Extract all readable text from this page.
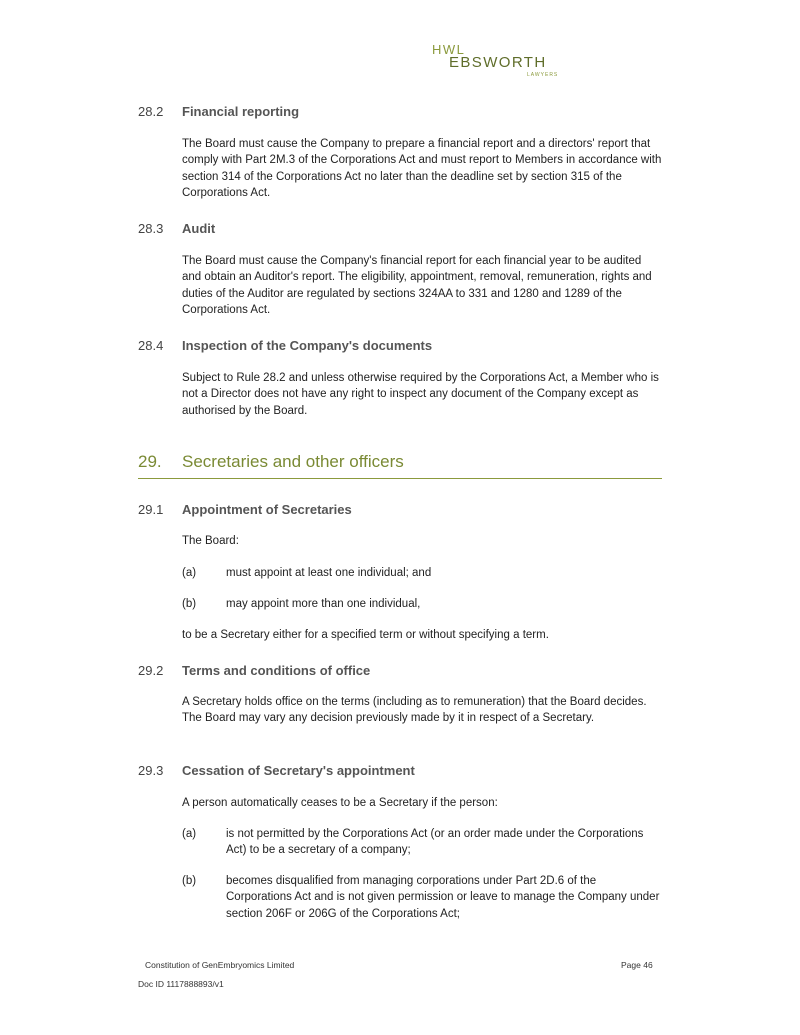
HWL
EBSWORTH
LAWYERS
28.2 Financial reporting
The Board must cause the Company to prepare a financial report and a directors' report that comply with Part 2M.3 of the Corporations Act and must report to Members in accordance with section 314 of the Corporations Act no later than the deadline set by section 315 of the Corporations Act.
28.3 Audit
The Board must cause the Company's financial report for each financial year to be audited and obtain an Auditor's report. The eligibility, appointment, removal, remuneration, rights and duties of the Auditor are regulated by sections 324AA to 331 and 1280 and 1289 of the Corporations Act.
28.4 Inspection of the Company's documents
Subject to Rule 28.2 and unless otherwise required by the Corporations Act, a Member who is not a Director does not have any right to inspect any document of the Company except as authorised by the Board.
29. Secretaries and other officers
29.1 Appointment of Secretaries
The Board:
(a)	must appoint at least one individual; and
(b)	may appoint more than one individual,
to be a Secretary either for a specified term or without specifying a term.
29.2 Terms and conditions of office
A Secretary holds office on the terms (including as to remuneration) that the Board decides. The Board may vary any decision previously made by it in respect of a Secretary.
29.3 Cessation of Secretary's appointment
A person automatically ceases to be a Secretary if the person:
(a)	is not permitted by the Corporations Act (or an order made under the Corporations Act) to be a secretary of a company;
(b)	becomes disqualified from managing corporations under Part 2D.6 of the Corporations Act and is not given permission or leave to manage the Company under section 206F or 206G of the Corporations Act;
Constitution of GenEmbryomics Limited	Page 46
Doc ID 1117888893/v1
